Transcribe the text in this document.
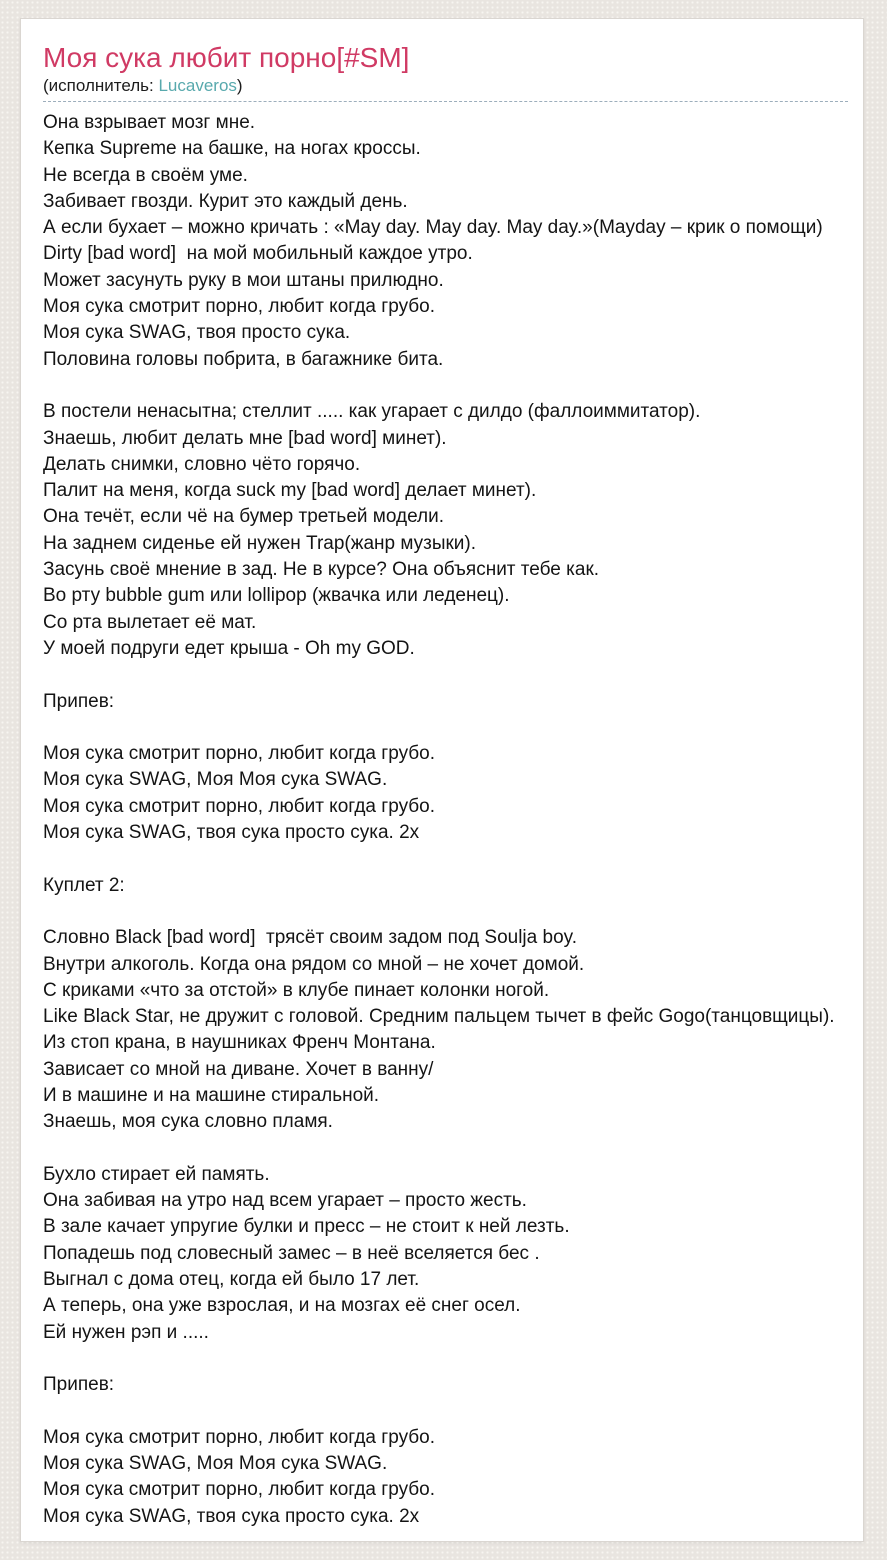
Моя сука любит порно[#SM]
(исполнитель: Lucaveros)
Она взрывает мозг мне.
Кепка Supreme на башке, на ногах кроссы.
Не всегда в своём уме.
Забивает гвозди. Курит это каждый день.
А если бухает – можно кричать : «May day. May day. May day.»(Mayday – крик о помощи)
Dirty [bad word]  на мой мобильный каждое утро.
Может засунуть руку в мои штаны прилюдно.
Моя сука смотрит порно, любит когда грубо.
Моя сука SWAG, твоя просто сука.
Половина головы побрита, в багажнике бита.

В постели ненасытна; стеллит ..... как угарает с дилдо (фаллоиммитатор).
Знаешь, любит делать мне [bad word] минет).
Делать снимки, словно чёто горячо.
Палит на меня, когда suck my [bad word] делает минет).
Она течёт, если чё на бумер третьей модели.
На заднем сиденье ей нужен Trap(жанр музыки).
Засунь своё мнение в зад. Не в курсе? Она объяснит тебе как.
Во рту bubble gum или lollipop (жвачка или леденец).
Со рта вылетает её мат.
У моей подруги едет крыша - Oh my GOD.

Припев:

Моя сука смотрит порно, любит когда грубо.
Моя сука SWAG, Моя Моя сука SWAG.
Моя сука смотрит порно, любит когда грубо.
Моя сука SWAG, твоя сука просто сука. 2х

Куплет 2:

Словно Black [bad word]  трясёт своим задом под Soulja boy.
Внутри алкоголь. Когда она рядом со мной – не хочет домой.
С криками «что за отстой» в клубе пинает колонки ногой.
Like Black Star, не дружит с головой. Средним пальцем тычет в фейс Gogo(танцовщицы).
Из стоп крана, в наушниках Френч Монтана.
Зависает со мной на диване. Хочет в ванну/
И в машине и на машине стиральной.
Знаешь, моя сука словно пламя.

Бухло стирает ей память.
Она забивая на утро над всем угарает – просто жесть.
В зале качает упругие булки и пресс – не стоит к ней лезть.
Попадешь под словесный замес – в неё вселяется бес .
Выгнал с дома отец, когда ей было 17 лет.
А теперь, она уже взрослая, и на мозгах её снег осел.
Ей нужен рэп и .....

Припев:

Моя сука смотрит порно, любит когда грубо.
Моя сука SWAG, Моя Моя сука SWAG.
Моя сука смотрит порно, любит когда грубо.
Моя сука SWAG, твоя сука просто сука. 2х
